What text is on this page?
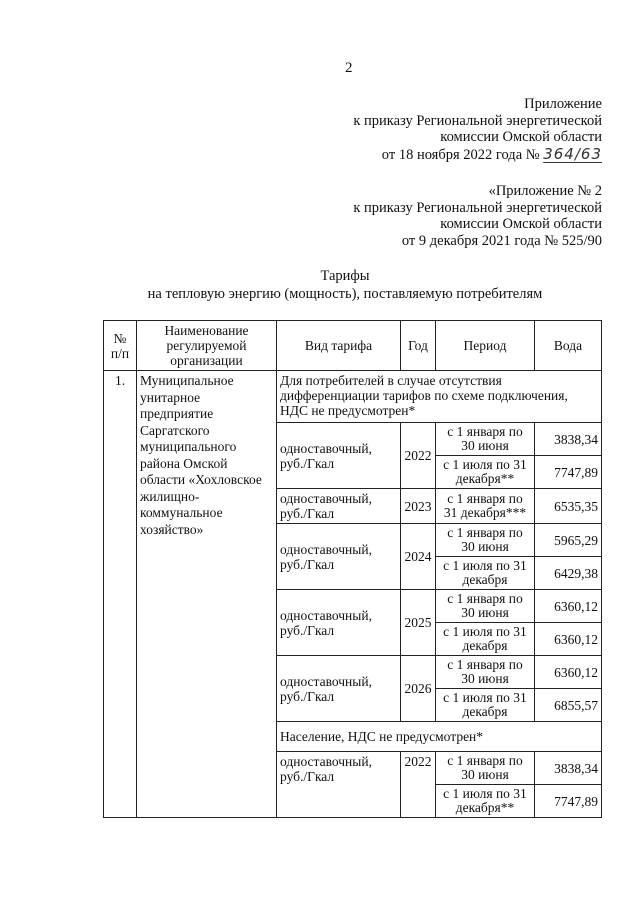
2
Приложение
к приказу Региональной энергетической
комиссии Омской области
от 18 ноября 2022 года № 364/63
«Приложение № 2
к приказу Региональной энергетической
комиссии Омской области
от 9 декабря 2021 года № 525/90
Тарифы
на тепловую энергию (мощность), поставляемую потребителям
№ п/п	Наименование регулируемой организации	Вид тарифа	Год	Период	Вода
1.	Муниципальное унитарное предприятие Саргатского муниципального района Омской области «Хохловское жилищно-коммунальное хозяйство»	Для потребителей в случае отсутствия дифференциации тарифов по схеме подключения, НДС не предусмотрен*			
		одноставочный, руб./Гкал	2022	с 1 января по 30 июня	3838,34
				с 1 июля по 31 декабря**	7747,89
		одноставочный, руб./Гкал	2023	с 1 января по 31 декабря***	6535,35
		одноставочный, руб./Гкал	2024	с 1 января по 30 июня	5965,29
				с 1 июля по 31 декабря	6429,38
		одноставочный, руб./Гкал	2025	с 1 января по 30 июня	6360,12
				с 1 июля по 31 декабря	6360,12
		одноставочный, руб./Гкал	2026	с 1 января по 30 июня	6360,12
				с 1 июля по 31 декабря	6855,57
		Население, НДС не предусмотрен*			
		одноставочный, руб./Гкал	2022	с 1 января по 30 июня	3838,34
				с 1 июля по 31 декабря**	7747,89
